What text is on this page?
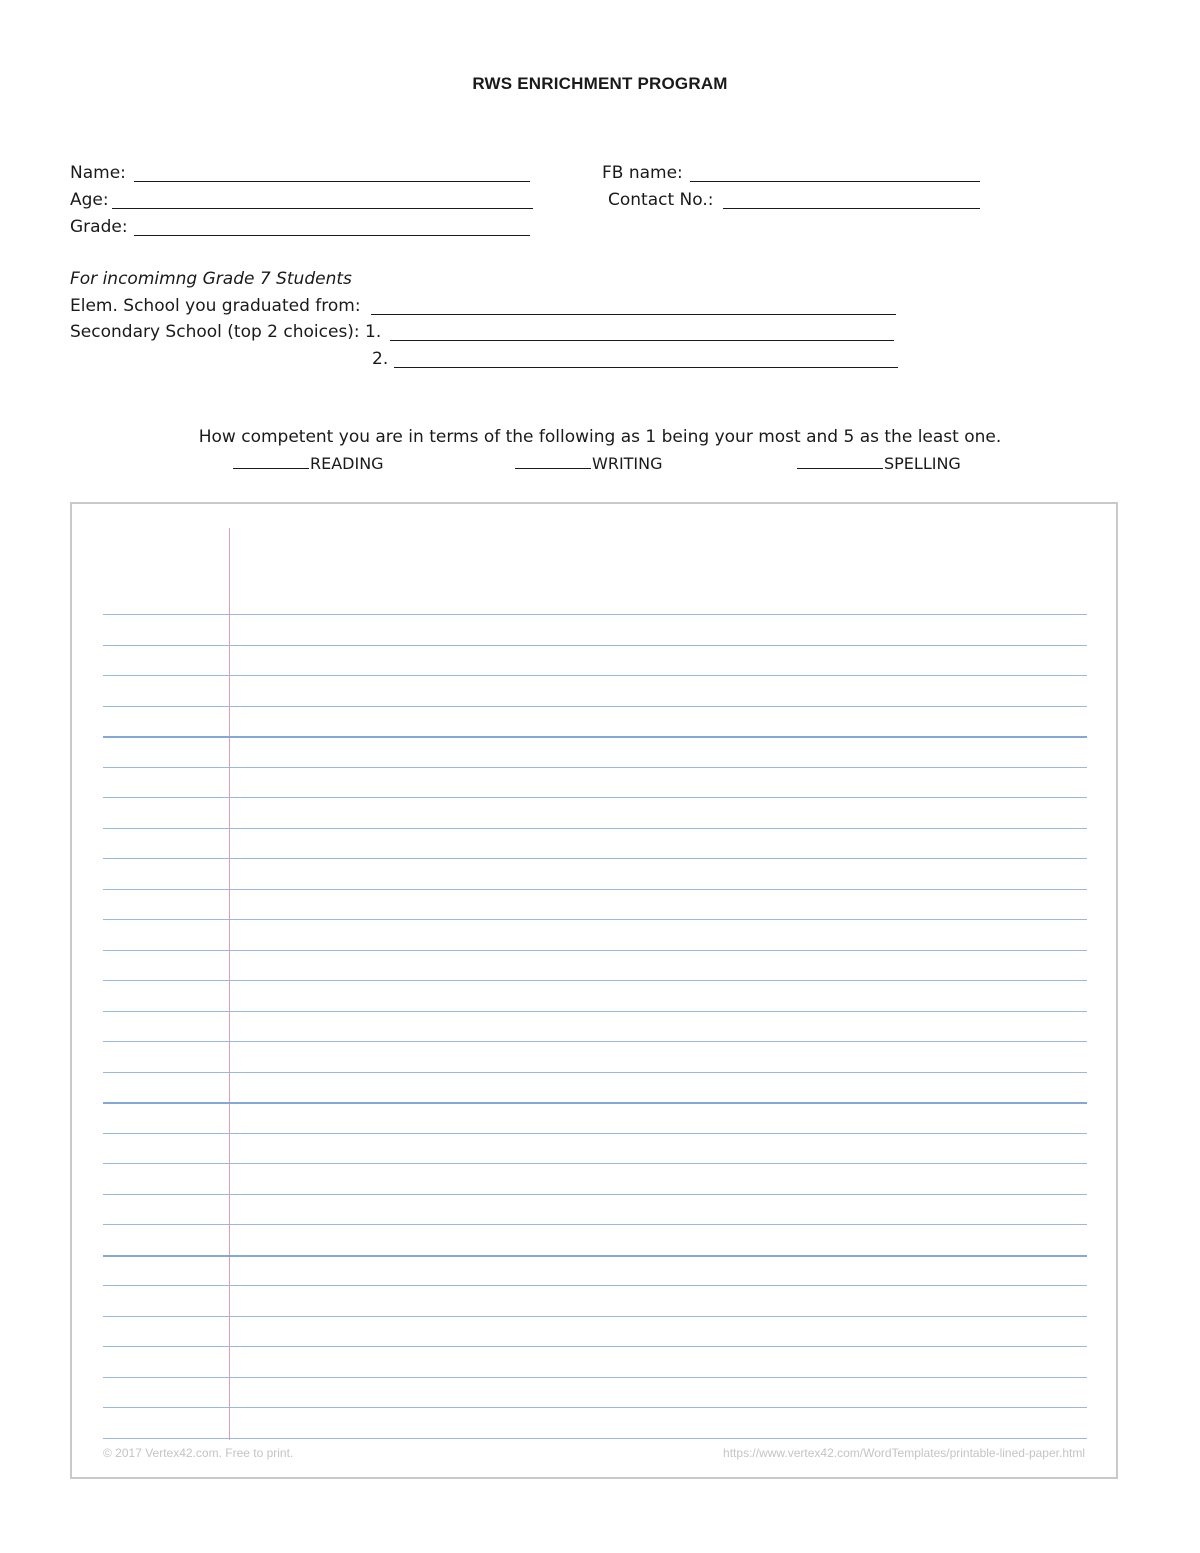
RWS ENRICHMENT PROGRAM
Name:	FB name:
Age:	Contact No.:
Grade:
For incomimng Grade 7 Students
Elem. School you graduated from:
Secondary School (top 2 choices): 1.
2.
How competent you are in terms of the following as 1 being your most and 5 as the least one.
READING	WRITING	SPELLING
© 2017 Vertex42.com. Free to print.	https://www.vertex42.com/WordTemplates/printable-lined-paper.html
